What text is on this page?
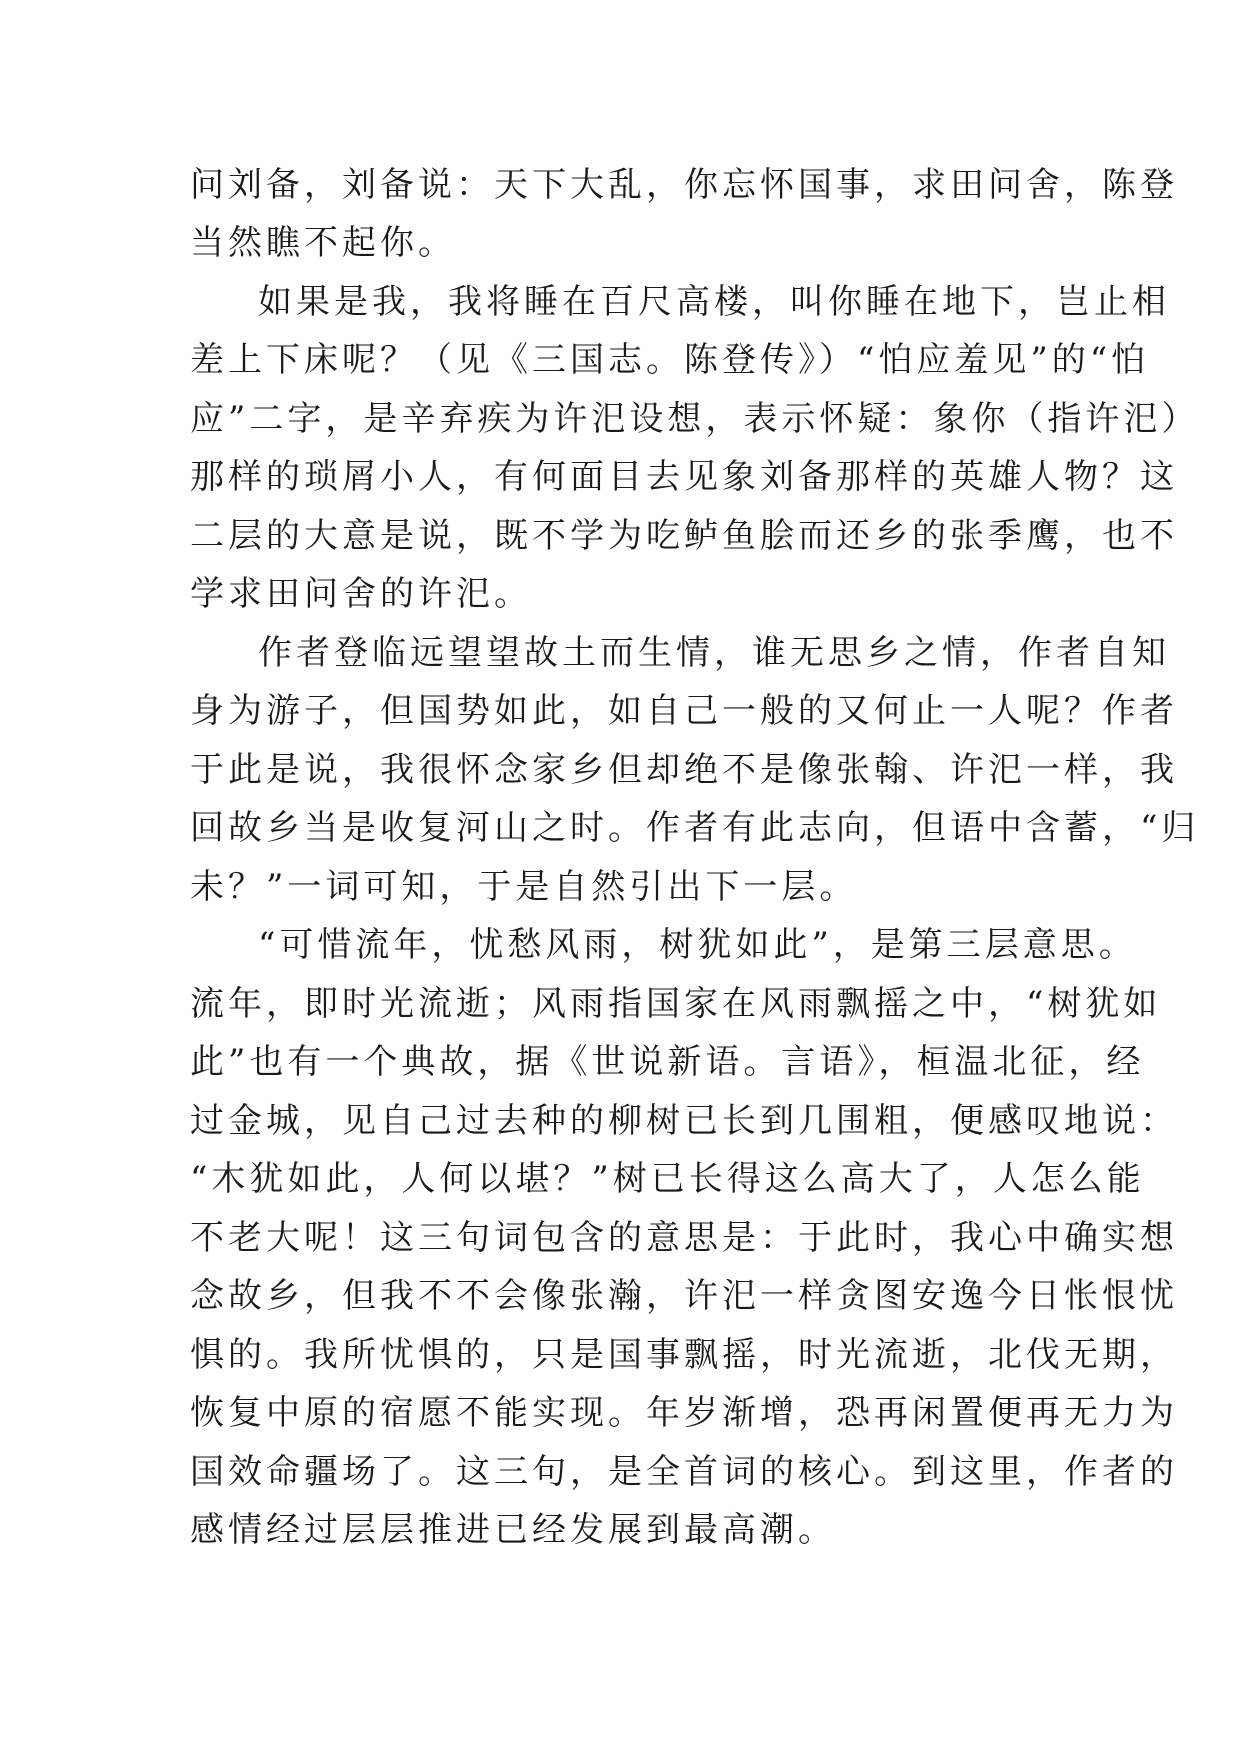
问刘备，刘备说：天下大乱，你忘怀国事，求田问舍，陈登
当然瞧不起你。
如果是我，我将睡在百尺高楼，叫你睡在地下，岂止相
差上下床呢？（见《三国志。陈登传》）“怕应羞见”的“怕
应”二字，是辛弃疾为许汜设想，表示怀疑：象你（指许汜）
那样的琐屑小人，有何面目去见象刘备那样的英雄人物？这
二层的大意是说，既不学为吃鲈鱼脍而还乡的张季鹰，也不
学求田问舍的许汜。
作者登临远望望故土而生情，谁无思乡之情，作者自知
身为游子，但国势如此，如自己一般的又何止一人呢？作者
于此是说，我很怀念家乡但却绝不是像张翰、许汜一样，我
回故乡当是收复河山之时。作者有此志向，但语中含蓄，“归
未？”一词可知，于是自然引出下一层。
“可惜流年，忧愁风雨，树犹如此”，是第三层意思。
流年，即时光流逝；风雨指国家在风雨飘摇之中，“树犹如
此”也有一个典故，据《世说新语。言语》，桓温北征，经
过金城，见自己过去种的柳树已长到几围粗，便感叹地说：
“木犹如此，人何以堪？”树已长得这么高大了，人怎么能
不老大呢！这三句词包含的意思是：于此时，我心中确实想
念故乡，但我不不会像张瀚，许汜一样贪图安逸今日怅恨忧
惧的。我所忧惧的，只是国事飘摇，时光流逝，北伐无期，
恢复中原的宿愿不能实现。年岁渐增，恐再闲置便再无力为
国效命疆场了。这三句，是全首词的核心。到这里，作者的
感情经过层层推进已经发展到最高潮。
